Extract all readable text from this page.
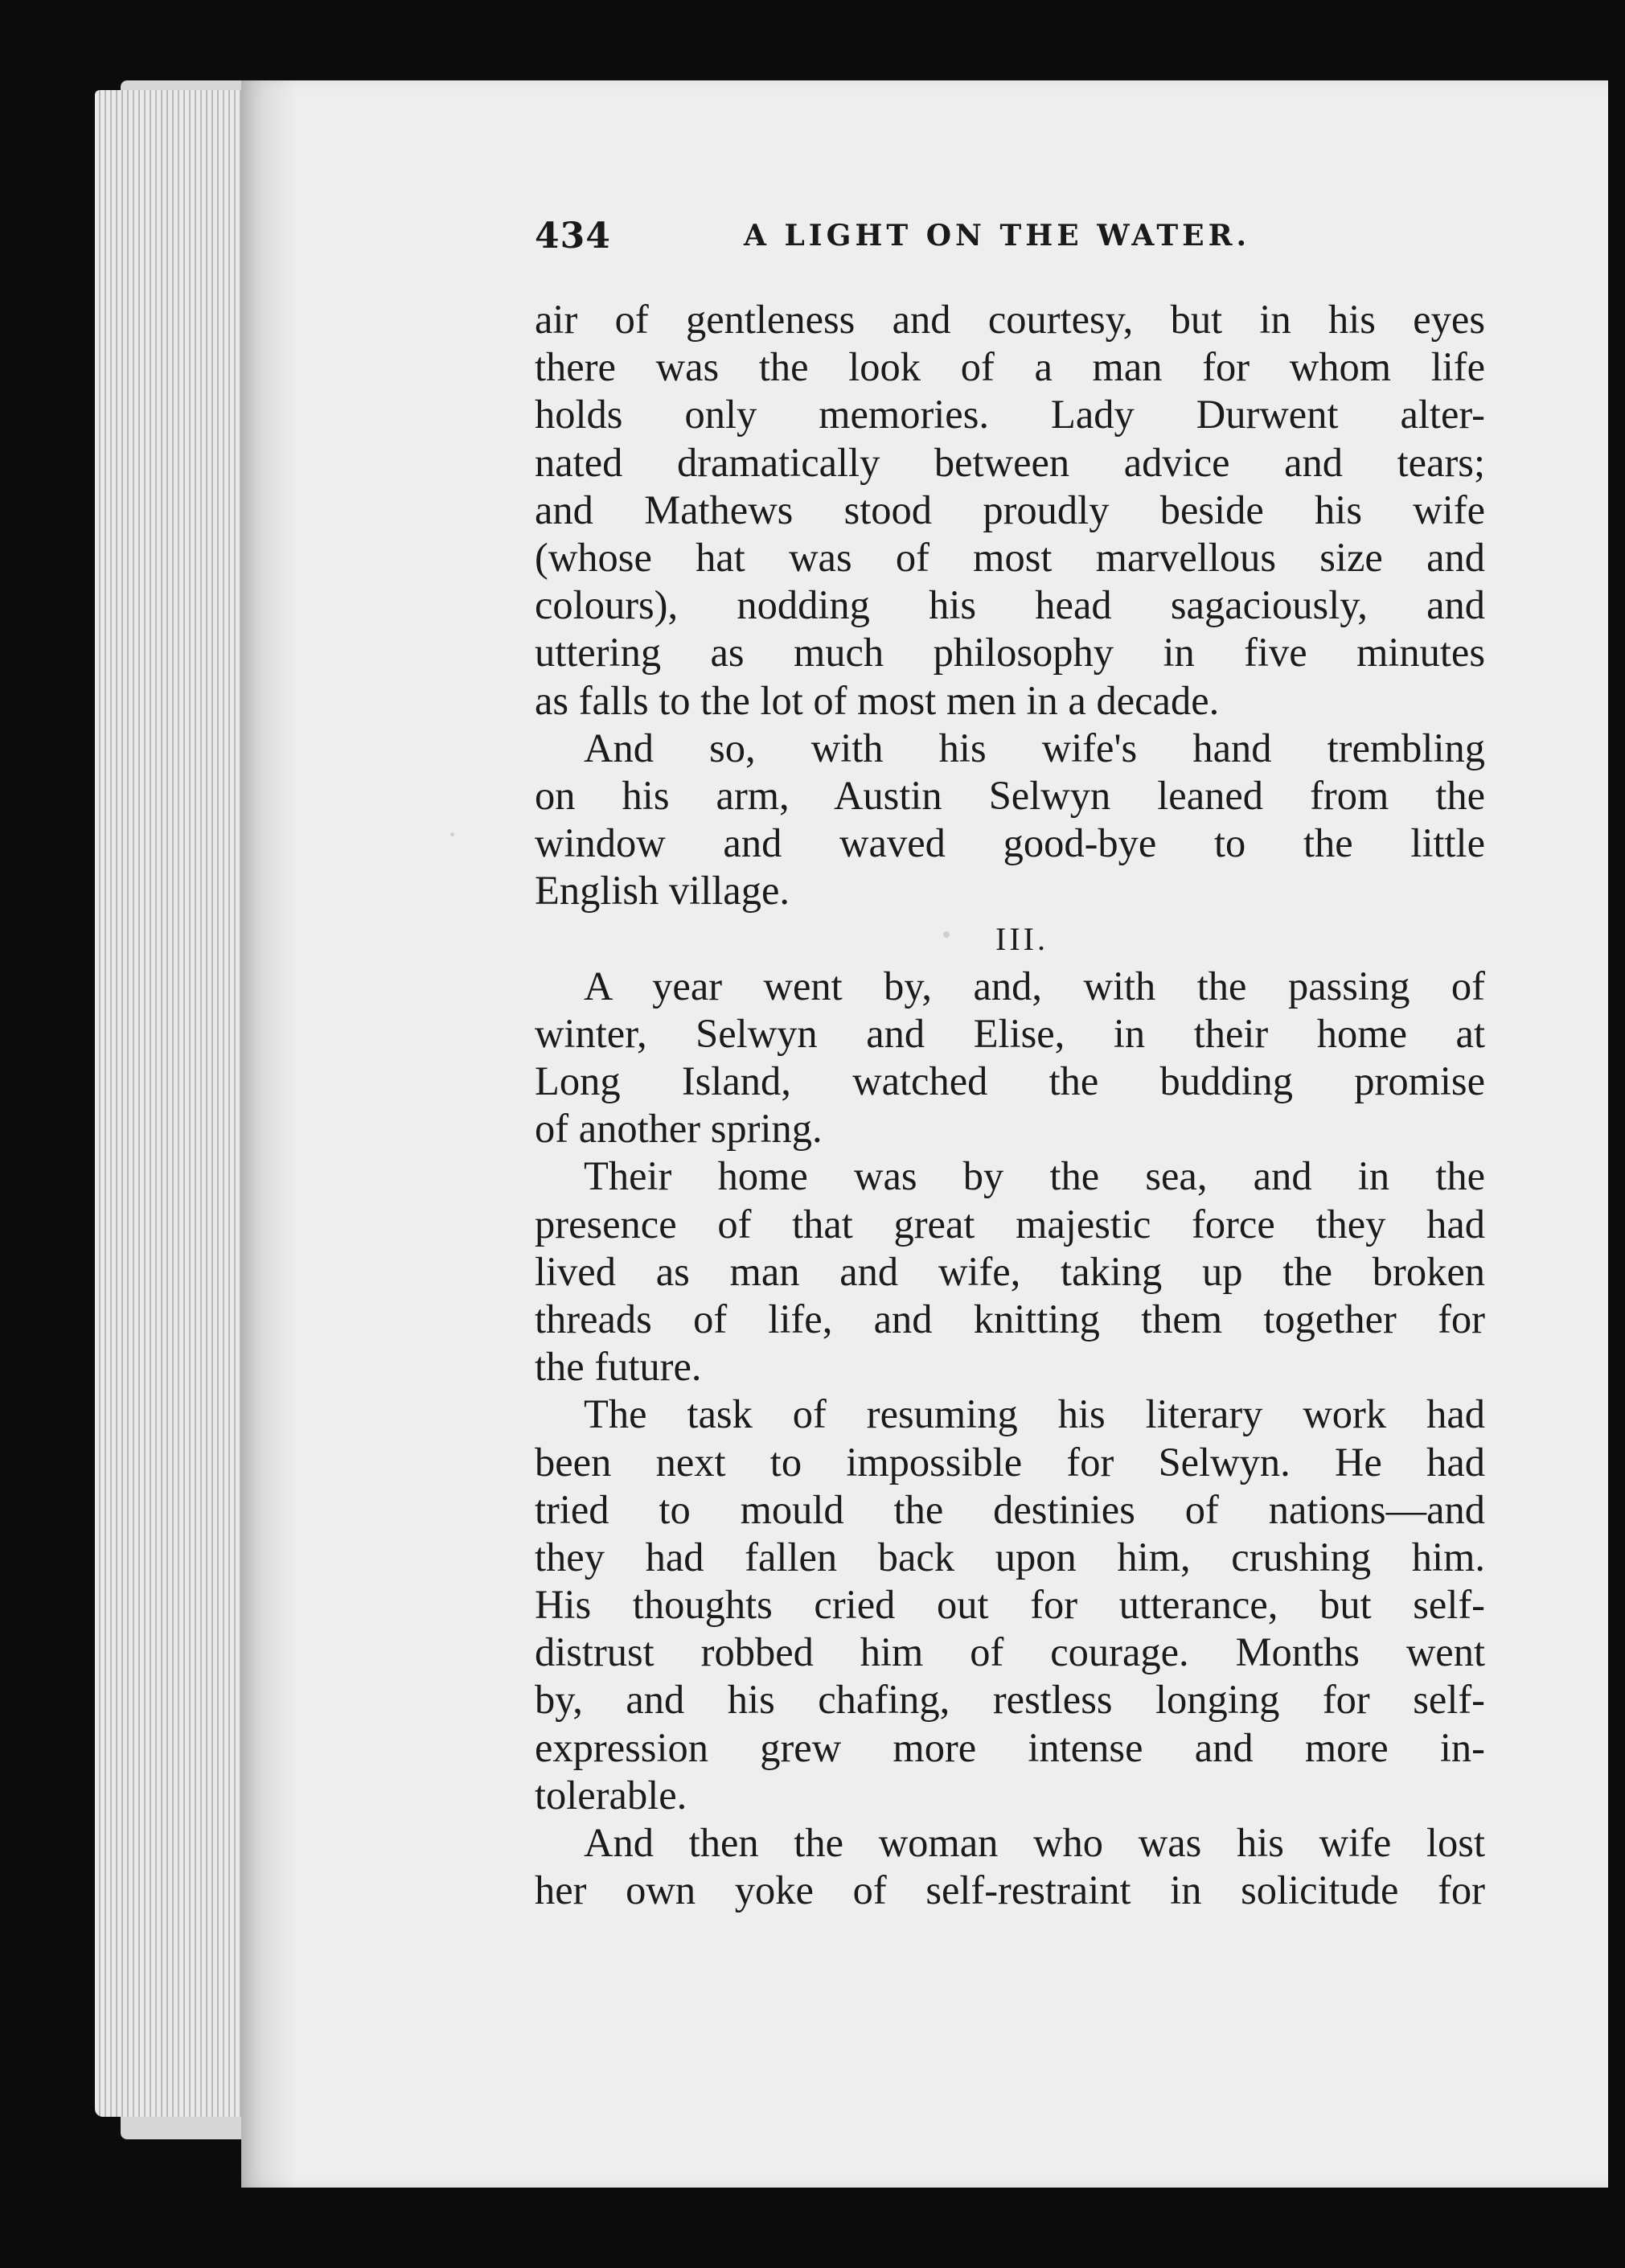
434	A LIGHT ON THE WATER.
air of gentleness and courtesy, but in his eyes
there was the look of a man for whom life
holds only memories. Lady Durwent alter-
nated dramatically between advice and tears;
and Mathews stood proudly beside his wife
(whose hat was of most marvellous size and
colours), nodding his head sagaciously, and
uttering as much philosophy in five minutes
as falls to the lot of most men in a decade.
And so, with his wife's hand trembling
on his arm, Austin Selwyn leaned from the
window and waved good-bye to the little
English village.
III.
A year went by, and, with the passing of
winter, Selwyn and Elise, in their home at
Long Island, watched the budding promise
of another spring.
Their home was by the sea, and in the
presence of that great majestic force they had
lived as man and wife, taking up the broken
threads of life, and knitting them together for
the future.
The task of resuming his literary work had
been next to impossible for Selwyn. He had
tried to mould the destinies of nations—and
they had fallen back upon him, crushing him.
His thoughts cried out for utterance, but self-
distrust robbed him of courage. Months went
by, and his chafing, restless longing for self-
expression grew more intense and more in-
tolerable.
And then the woman who was his wife lost
her own yoke of self-restraint in solicitude for
